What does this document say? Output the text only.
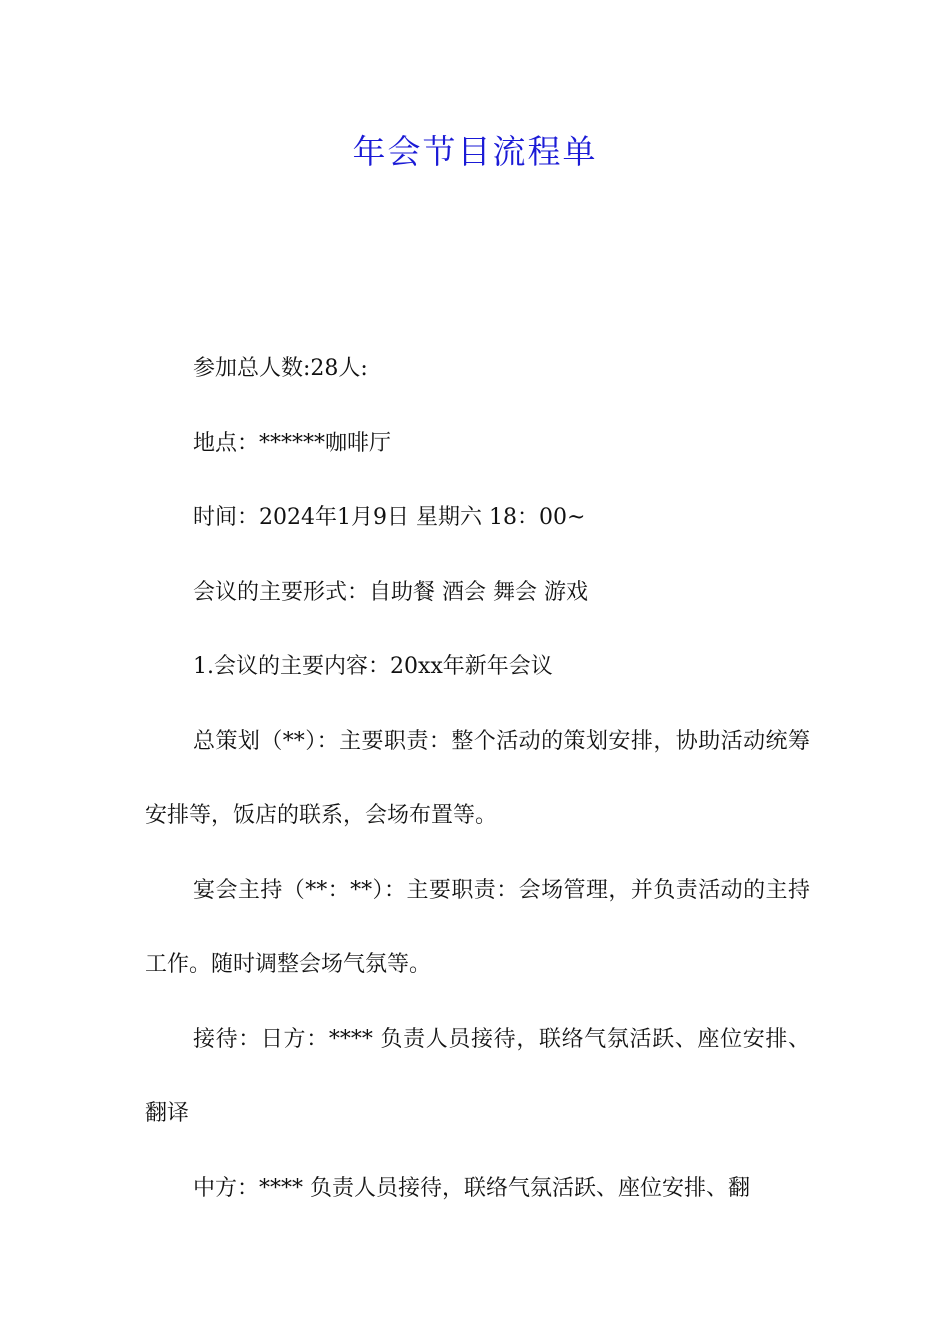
年会节目流程单

参加总人数:28人:

地点：******咖啡厅

时间：2024年1月9日 星期六 18：00~

会议的主要形式：自助餐 酒会 舞会 游戏

1.会议的主要内容：20xx年新年会议

总策划（**）：主要职责：整个活动的策划安排，协助活动统筹安排等，饭店的联系，会场布置等。

宴会主持（**：**）：主要职责：会场管理，并负责活动的主持工作。随时调整会场气氛等。

接待：日方：**** 负责人员接待，联络气氛活跃、座位安排、翻译

中方：**** 负责人员接待，联络气氛活跃、座位安排、翻
